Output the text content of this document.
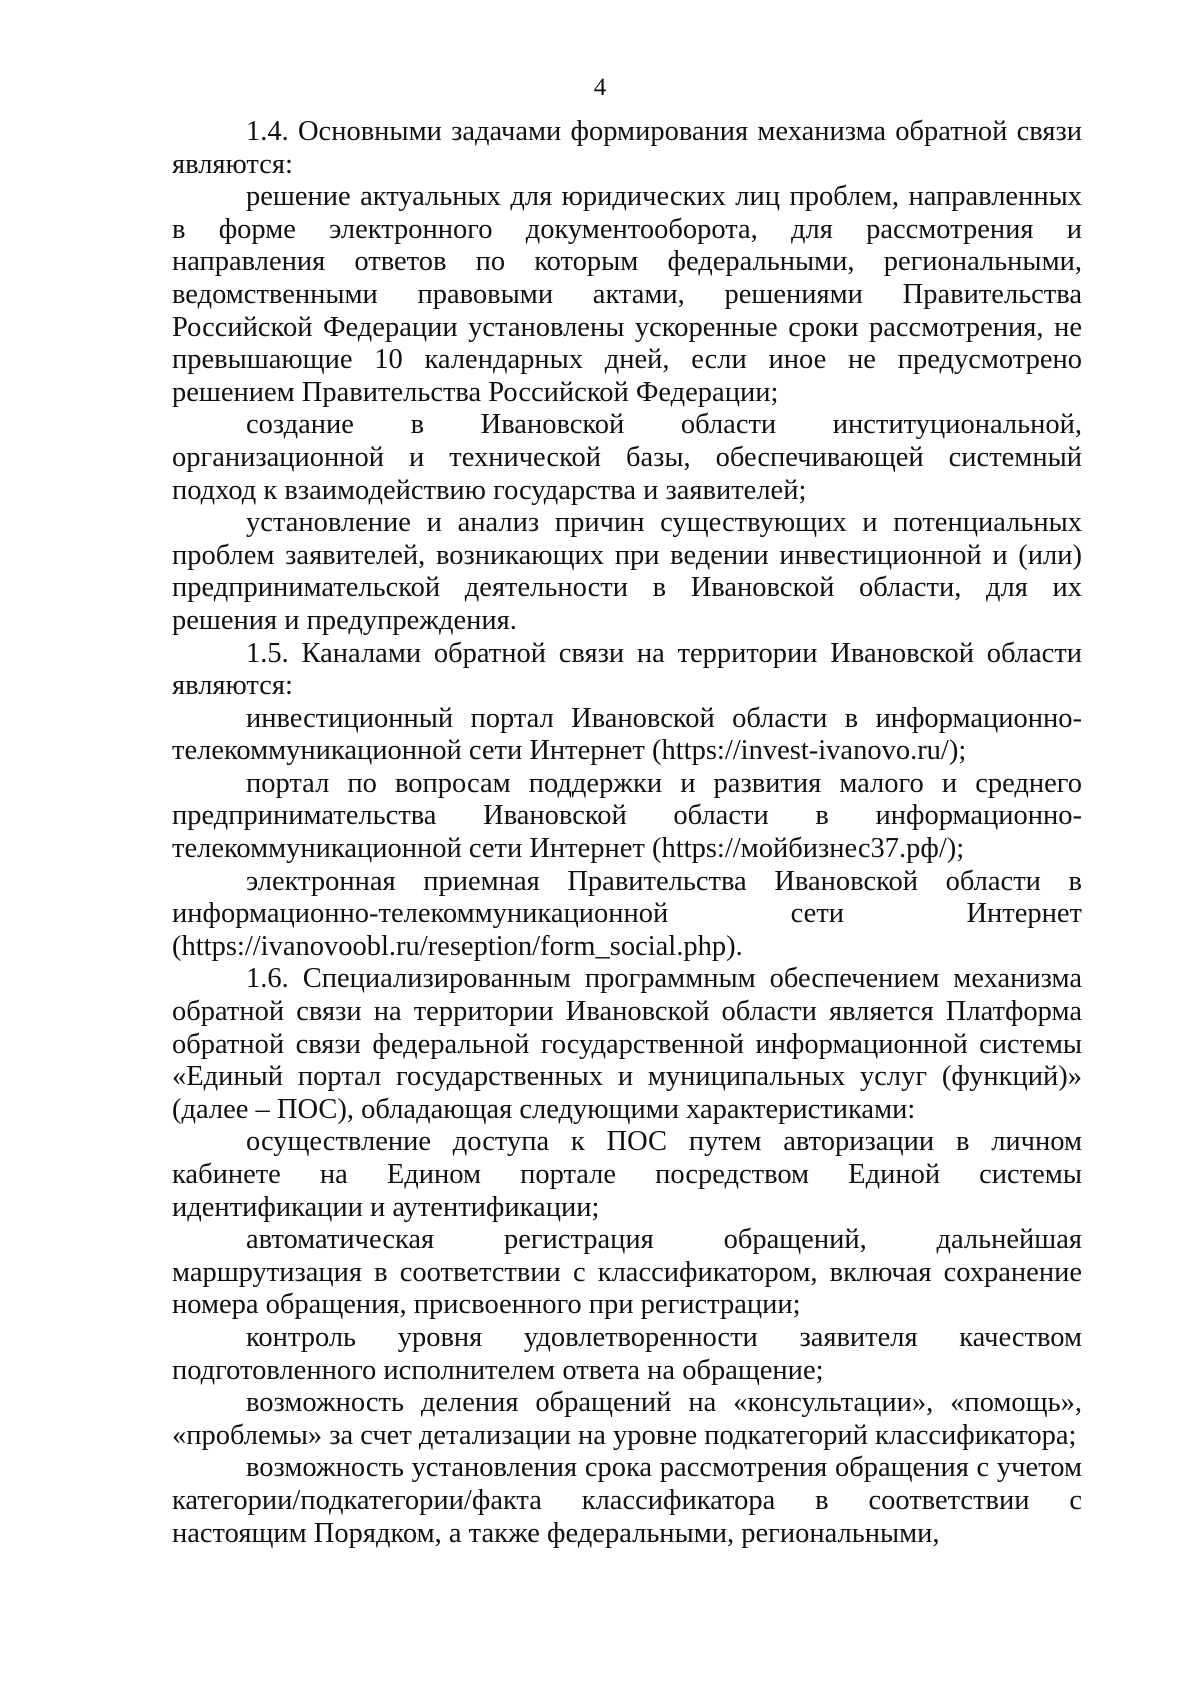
4

1.4. Основными задачами формирования механизма обратной связи являются:

решение актуальных для юридических лиц проблем, направленных в форме электронного документооборота, для рассмотрения и направления ответов по которым федеральными, региональными, ведомственными правовыми актами, решениями Правительства Российской Федерации установлены ускоренные сроки рассмотрения, не превышающие 10 календарных дней, если иное не предусмотрено решением Правительства Российской Федерации;

создание в Ивановской области институциональной, организационной и технической базы, обеспечивающей системный подход к взаимодействию государства и заявителей;

установление и анализ причин существующих и потенциальных проблем заявителей, возникающих при ведении инвестиционной и (или) предпринимательской деятельности в Ивановской области, для их решения и предупреждения.

1.5. Каналами обратной связи на территории Ивановской области являются:

инвестиционный портал Ивановской области в информационно-телекоммуникационной сети Интернет (https://invest-ivanovo.ru/);

портал по вопросам поддержки и развития малого и среднего предпринимательства Ивановской области в информационно-телекоммуникационной сети Интернет (https://мойбизнес37.рф/);

электронная приемная Правительства Ивановской области в информационно-телекоммуникационной сети Интернет (https://ivanovoobl.ru/reseption/form_social.php).

1.6. Специализированным программным обеспечением механизма обратной связи на территории Ивановской области является Платформа обратной связи федеральной государственной информационной системы «Единый портал государственных и муниципальных услуг (функций)» (далее – ПОС), обладающая следующими характеристиками:

осуществление доступа к ПОС путем авторизации в личном кабинете на Едином портале посредством Единой системы идентификации и аутентификации;

автоматическая регистрация обращений, дальнейшая маршрутизация в соответствии с классификатором, включая сохранение номера обращения, присвоенного при регистрации;

контроль уровня удовлетворенности заявителя качеством подготовленного исполнителем ответа на обращение;

возможность деления обращений на «консультации», «помощь», «проблемы» за счет детализации на уровне подкатегорий классификатора;

возможность установления срока рассмотрения обращения с учетом категории/подкатегории/факта классификатора в соответствии с настоящим Порядком, а также федеральными, региональными,
